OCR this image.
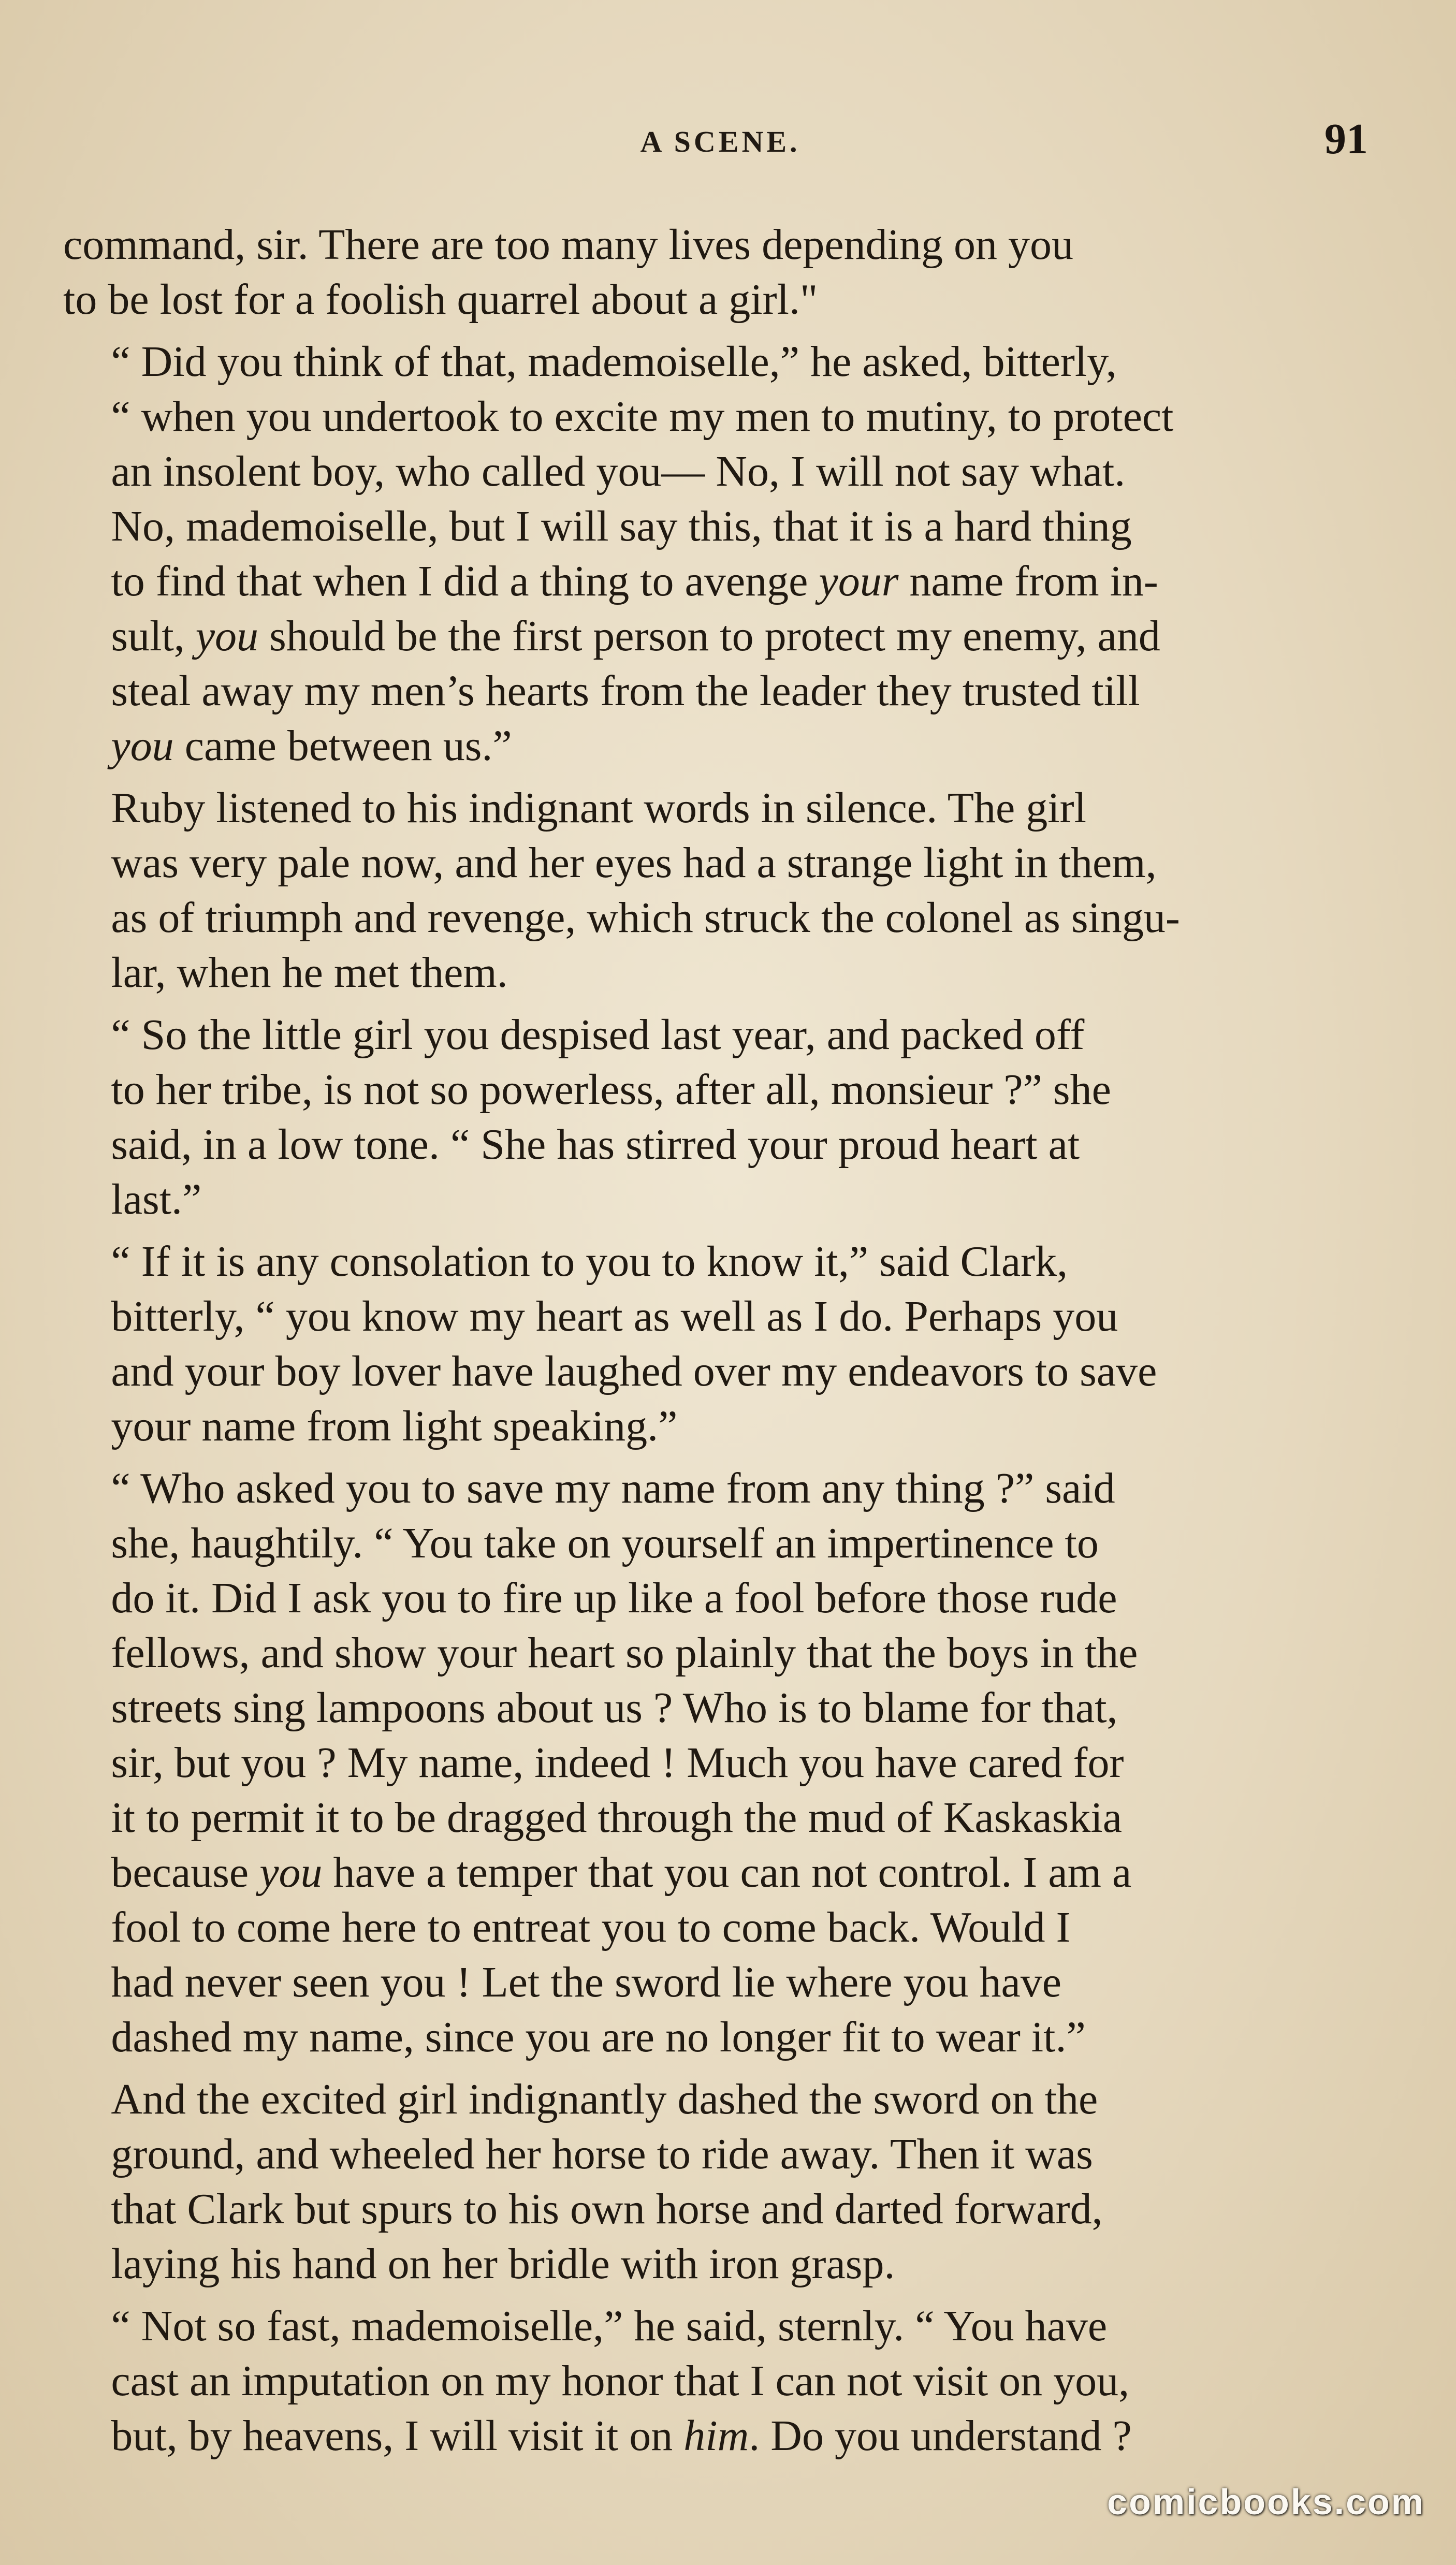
A SCENE.	91
command, sir. There are too many lives depending on you
to be lost for a foolish quarrel about a girl."
“ Did you think of that, mademoiselle,” he asked, bitterly,
“ when you undertook to excite my men to mutiny, to protect
an insolent boy, who called you— No, I will not say what.
No, mademoiselle, but I will say this, that it is a hard thing
to find that when I did a thing to avenge your name from in-
sult, you should be the first person to protect my enemy, and
steal away my men’s hearts from the leader they trusted till
you came between us.”
Ruby listened to his indignant words in silence. The girl
was very pale now, and her eyes had a strange light in them,
as of triumph and revenge, which struck the colonel as singu-
lar, when he met them.
“ So the little girl you despised last year, and packed off
to her tribe, is not so powerless, after all, monsieur ?” she
said, in a low tone. “ She has stirred your proud heart at
last.”
“ If it is any consolation to you to know it,” said Clark,
bitterly, “ you know my heart as well as I do. Perhaps you
and your boy lover have laughed over my endeavors to save
your name from light speaking.”
“ Who asked you to save my name from any thing ?” said
she, haughtily. “ You take on yourself an impertinence to
do it. Did I ask you to fire up like a fool before those rude
fellows, and show your heart so plainly that the boys in the
streets sing lampoons about us ? Who is to blame for that,
sir, but you ? My name, indeed ! Much you have cared for
it to permit it to be dragged through the mud of Kaskaskia
because you have a temper that you can not control. I am a
fool to come here to entreat you to come back. Would I
had never seen you ! Let the sword lie where you have
dashed my name, since you are no longer fit to wear it.”
And the excited girl indignantly dashed the sword on the
ground, and wheeled her horse to ride away. Then it was
that Clark but spurs to his own horse and darted forward,
laying his hand on her bridle with iron grasp.
“ Not so fast, mademoiselle,” he said, sternly. “ You have
cast an imputation on my honor that I can not visit on you,
but, by heavens, I will visit it on him. Do you understand ?
comicbooks.com
